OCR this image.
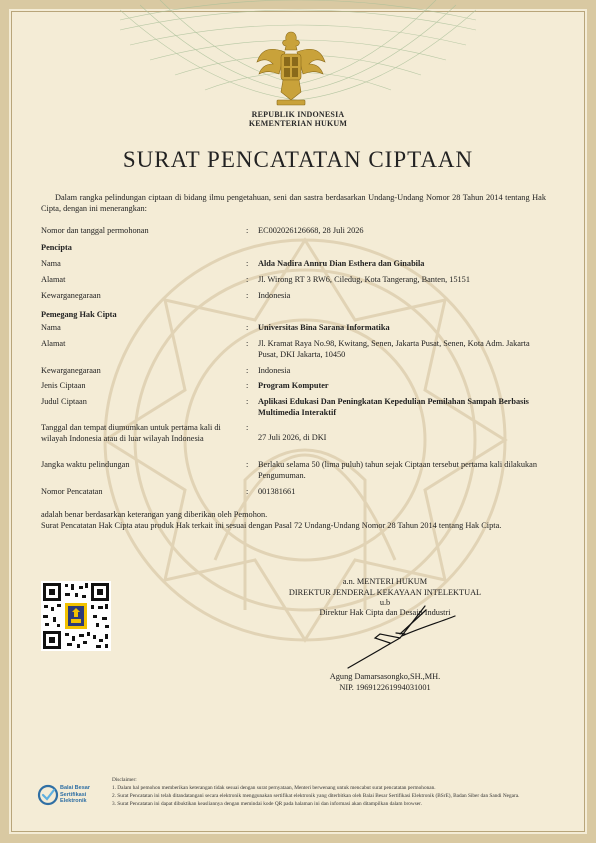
REPUBLIK INDONESIA
KEMENTERIAN HUKUM
SURAT PENCATATAN CIPTAAN
Dalam rangka pelindungan ciptaan di bidang ilmu pengetahuan, seni dan sastra berdasarkan Undang-Undang Nomor 28 Tahun 2014 tentang Hak Cipta, dengan ini menerangkan:
Nomor dan tanggal permohonan	: EC002026126668, 28 Juli 2026
Pencipta
Nama	: Alda Nadira Annru Dian Esthera dan Ginabila
Alamat	: Jl. Wirong RT 3 RW6, Ciledug, Kota Tangerang, Banten, 15151
Kewarganegaraan	: Indonesia
Pemegang Hak Cipta
Nama	: Universitas Bina Sarana Informatika
Alamat	: Jl. Kramat Raya No.98, Kwitang, Senen, Jakarta Pusat, Senen, Kota Adm. Jakarta Pusat, DKI Jakarta, 10450
Kewarganegaraan	: Indonesia
Jenis Ciptaan	: Program Komputer
Judul Ciptaan	: Aplikasi Edukasi Dan Peningkatan Kepedulian Pemilahan Sampah Berbasis Multimedia Interaktif
Tanggal dan tempat diumumkan untuk pertama kali di wilayah Indonesia atau di luar wilayah Indonesia
:
27 Juli 2026, di DKI
Jangka waktu pelindungan	: Berlaku selama 50 (lima puluh) tahun sejak Ciptaan tersebut pertama kali dilakukan Pengumuman.
Nomor Pencatatan	: 001381661
adalah benar berdasarkan keterangan yang diberikan oleh Pemohon.
Surat Pencatatan Hak Cipta atau produk Hak terkait ini sesuai dengan Pasal 72 Undang-Undang Nomor 28 Tahun 2014 tentang Hak Cipta.
a.n. MENTERI HUKUM
DIREKTUR JENDERAL KEKAYAAN INTELEKTUAL
u.b
Direktur Hak Cipta dan Desain Industri
Agung Damarsasongko,SH.,MH.
NIP. 196912261994031001
Balai Besar
Sertifikasi
Elektronik
Disclaimer:
1. Dalam hal pemohon memberikan keterangan tidak sesuai dengan surat pernyataan, Menteri berwenang untuk mencabut surat pencatatan permohonan.
2. Surat Pencatatan ini telah ditandatangani secara elektronik menggunakan sertifikat elektronik yang diterbitkan oleh Balai Besar Sertifikasi Elektronik (BSrE), Badan Siber dan Sandi Negara.
3. Surat Pencatatan ini dapat dibuktikan keasliannya dengan memindai kode QR pada halaman ini dan informasi akan ditampilkan dalam browser.
